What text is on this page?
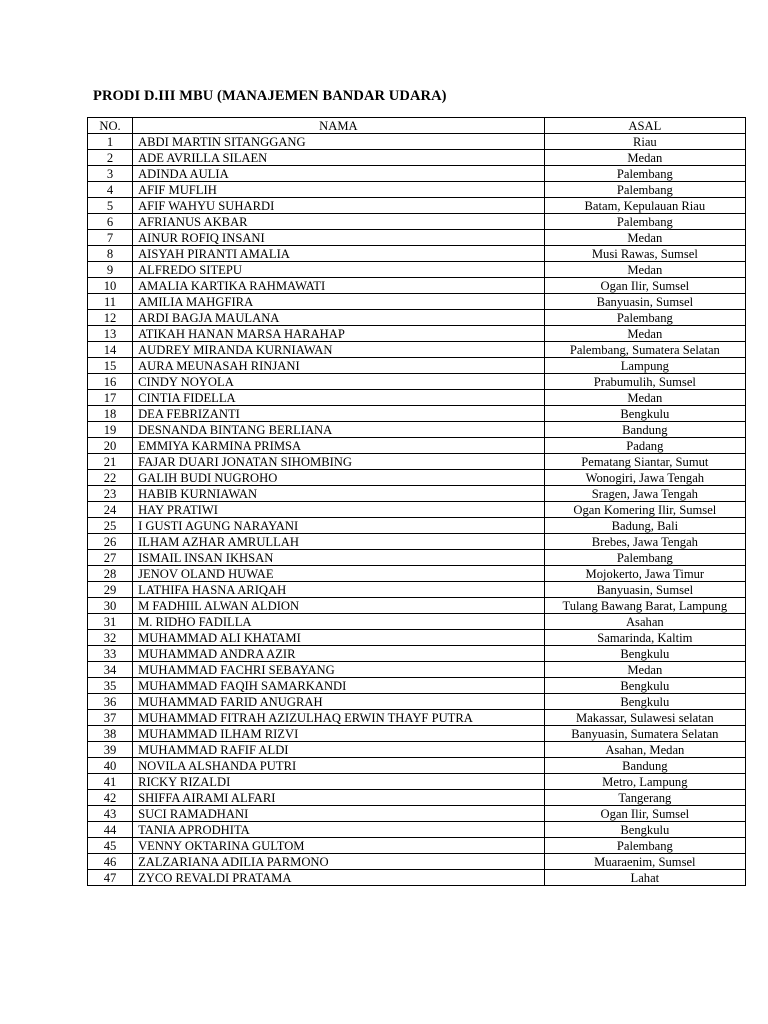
PRODI D.III MBU (MANAJEMEN BANDAR UDARA)
NO.	NAMA	ASAL
1	ABDI MARTIN SITANGGANG	Riau
2	ADE AVRILLA SILAEN	Medan
3	ADINDA AULIA	Palembang
4	AFIF MUFLIH	Palembang
5	AFIF WAHYU SUHARDI	Batam, Kepulauan Riau
6	AFRIANUS AKBAR	Palembang
7	AINUR ROFIQ INSANI	Medan
8	AISYAH PIRANTI AMALIA	Musi Rawas, Sumsel
9	ALFREDO SITEPU	Medan
10	AMALIA KARTIKA RAHMAWATI	Ogan Ilir, Sumsel
11	AMILIA MAHGFIRA	Banyuasin, Sumsel
12	ARDI BAGJA MAULANA	Palembang
13	ATIKAH HANAN MARSA HARAHAP	Medan
14	AUDREY MIRANDA KURNIAWAN	Palembang, Sumatera Selatan
15	AURA MEUNASAH RINJANI	Lampung
16	CINDY NOYOLA	Prabumulih, Sumsel
17	CINTIA FIDELLA	Medan
18	DEA FEBRIZANTI	Bengkulu
19	DESNANDA BINTANG BERLIANA	Bandung
20	EMMIYA KARMINA PRIMSA	Padang
21	FAJAR DUARI JONATAN SIHOMBING	Pematang Siantar, Sumut
22	GALIH BUDI NUGROHO	Wonogiri, Jawa Tengah
23	HABIB KURNIAWAN	Sragen, Jawa Tengah
24	HAY PRATIWI	Ogan Komering Ilir, Sumsel
25	I GUSTI AGUNG NARAYANI	Badung, Bali
26	ILHAM AZHAR AMRULLAH	Brebes, Jawa Tengah
27	ISMAIL INSAN IKHSAN	Palembang
28	JENOV OLAND HUWAE	Mojokerto, Jawa Timur
29	LATHIFA HASNA ARIQAH	Banyuasin, Sumsel
30	M FADHIIL ALWAN ALDION	Tulang Bawang Barat, Lampung
31	M. RIDHO FADILLA	Asahan
32	MUHAMMAD ALI KHATAMI	Samarinda, Kaltim
33	MUHAMMAD ANDRA AZIR	Bengkulu
34	MUHAMMAD FACHRI SEBAYANG	Medan
35	MUHAMMAD FAQIH SAMARKANDI	Bengkulu
36	MUHAMMAD FARID ANUGRAH	Bengkulu
37	MUHAMMAD FITRAH AZIZULHAQ ERWIN THAYF PUTRA	Makassar, Sulawesi selatan
38	MUHAMMAD ILHAM RIZVI	Banyuasin, Sumatera Selatan
39	MUHAMMAD RAFIF ALDI	Asahan, Medan
40	NOVILA ALSHANDA PUTRI	Bandung
41	RICKY RIZALDI	Metro, Lampung
42	SHIFFA AIRAMI ALFARI	Tangerang
43	SUCI RAMADHANI	Ogan Ilir, Sumsel
44	TANIA APRODHITA	Bengkulu
45	VENNY OKTARINA GULTOM	Palembang
46	ZALZARIANA ADILIA PARMONO	Muaraenim, Sumsel
47	ZYCO REVALDI PRATAMA	Lahat
